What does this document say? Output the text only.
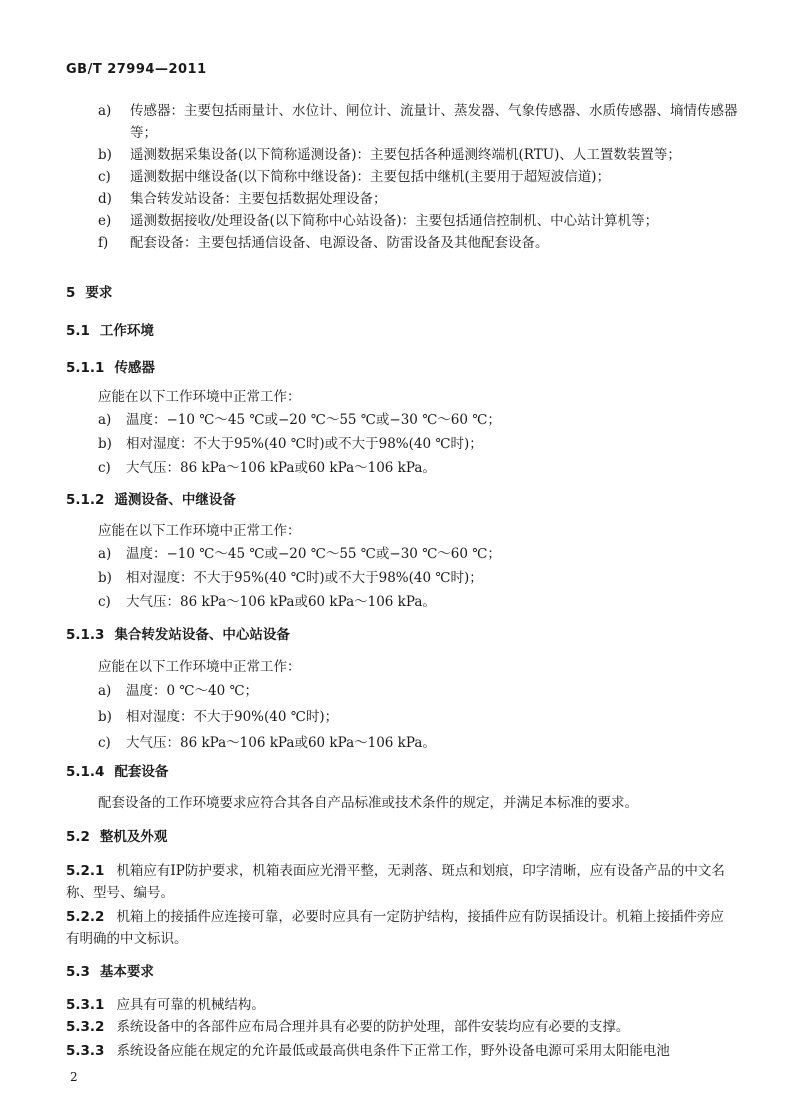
GB/T 27994—2011
a) 传感器：主要包括雨量计、水位计、闸位计、流量计、蒸发器、气象传感器、水质传感器、墒情传感器等；
b) 遥测数据采集设备(以下简称遥测设备)：主要包括各种遥测终端机(RTU)、人工置数装置等；
c) 遥测数据中继设备(以下简称中继设备)：主要包括中继机(主要用于超短波信道)；
d) 集合转发站设备：主要包括数据处理设备；
e) 遥测数据接收/处理设备(以下简称中心站设备)：主要包括通信控制机、中心站计算机等；
f) 配套设备：主要包括通信设备、电源设备、防雷设备及其他配套设备。
5 要求
5.1 工作环境
5.1.1 传感器
应能在以下工作环境中正常工作：
a) 温度：−10 ℃～45 ℃或−20 ℃～55 ℃或−30 ℃～60 ℃；
b) 相对湿度：不大于95%(40 ℃时)或不大于98%(40 ℃时)；
c) 大气压：86 kPa～106 kPa或60 kPa～106 kPa。
5.1.2 遥测设备、中继设备
应能在以下工作环境中正常工作：
a) 温度：−10 ℃～45 ℃或−20 ℃～55 ℃或−30 ℃～60 ℃；
b) 相对湿度：不大于95%(40 ℃时)或不大于98%(40 ℃时)；
c) 大气压：86 kPa～106 kPa或60 kPa～106 kPa。
5.1.3 集合转发站设备、中心站设备
应能在以下工作环境中正常工作：
a) 温度：0 ℃～40 ℃；
b) 相对湿度：不大于90%(40 ℃时)；
c) 大气压：86 kPa～106 kPa或60 kPa～106 kPa。
5.1.4 配套设备
配套设备的工作环境要求应符合其各自产品标准或技术条件的规定，并满足本标准的要求。
5.2 整机及外观
5.2.1 机箱应有IP防护要求，机箱表面应光滑平整，无剥落、斑点和划痕，印字清晰，应有设备产品的中文名称、型号、编号。
5.2.2 机箱上的接插件应连接可靠，必要时应具有一定防护结构，接插件应有防误插设计。机箱上接插件旁应有明确的中文标识。
5.3 基本要求
5.3.1 应具有可靠的机械结构。
5.3.2 系统设备中的各部件应布局合理并具有必要的防护处理，部件安装均应有必要的支撑。
5.3.3 系统设备应能在规定的允许最低或最高供电条件下正常工作，野外设备电源可采用太阳能电池
2
